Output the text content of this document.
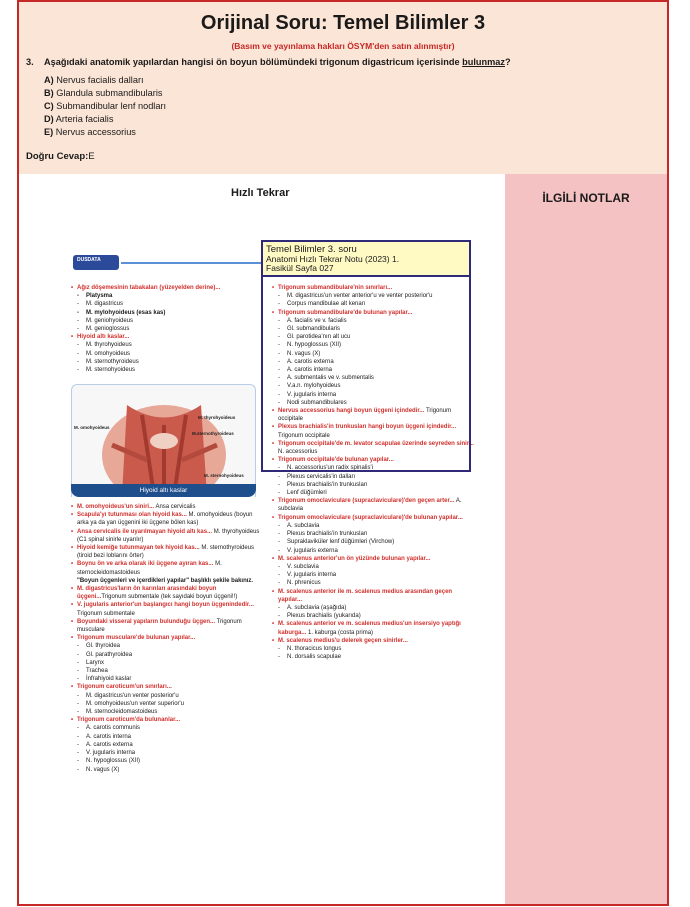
Orijinal Soru: Temel Bilimler 3
(Basım ve yayınlama hakları ÖSYM'den satın alınmıştır)
3. Aşağıdaki anatomik yapılardan hangisi ön boyun bölümündeki trigonum digastricum içerisinde bulunmaz?
A) Nervus facialis dalları
B) Glandula submandibularis
C) Submandibular lenf nodları
D) Arteria facialis
E) Nervus accessorius
Doğru Cevap:E
Hızlı Tekrar	İLGİLİ NOTLAR
DUSDATA
• Ağız döşemesinin tabakaları (yüzeyelden derine)...
- Platysma
- M. digastricus
- M. mylohyoideus (esas kas)
- M. geniohyoideus
- M. genioglossus
• Hiyoid altı kaslar...
- M. thyrohyoideus
- M. omohyoideus
- M. sternothyroideus
- M. sternohyoideus
M. omohyoideus
M. thyrohyoideus
M.sternothyroideus
M. sternohyoideus
Hiyoid altı kaslar
• M. omohyoideus'un siniri... Ansa cervicalis
• Scapula'yı tutunması olan hiyoid kas... M. omohyoideus (boyun arka ya da yan üçgenini iki üçgene bölen kas)
• Ansa cervicalis ile uyarılmayan hiyoid altı kas... M. thyrohyoideus (C1 spinal sinirle uyarılır)
• Hiyoid kemiğe tutunmayan tek hiyoid kas... M. sternothyroideus (tiroid bezi loblarını örter)
• Boynu ön ve arka olarak iki üçgene ayıran kas... M. sternocleidomastoideus
"Boyun üçgenleri ve içerdikleri yapılar" başlıklı şekile bakınız.
• M. digastricus'ların ön karınları arasındaki boyun üçgeni...Trigonum submentale (tek sayıdaki boyun üçgeni!!)
• V. jugularis anterior'un başlangıcı hangi boyun üçgenindedir... Trigonum submentale
• Boyundaki visseral yapıların bulunduğu üçgen... Trigonum musculare
• Trigonum musculare'de bulunan yapılar...
- Gl. thyroidea
- Gl. parathyroidea
- Larynx
- Trachea
- İnfrahiyoid kaslar
• Trigonum caroticum'un sınırları...
- M. digastricus'un venter posterior'u
- M. omohyoideus'un venter superior'u
- M. sternocleidomastoideus
• Trigonum caroticum'da bulunanlar...
- A. carotis communis
- A. carotis interna
- A. carotis externa
- V. jugularis interna
- N. hypoglossus (XII)
- N. vagus (X)
• Trigonum submandibulare'nin sınırları...
- M. digastricus'un venter anterior'u ve venter posterior'u
- Corpus mandibulae alt kenarı
• Trigonum submandibulare'de bulunan yapılar...
- A. facialis ve v. facialis
- Gl. submandibularis
- Gl. parotideaʼnın alt ucu
- N. hypoglossus (XII)
- N. vagus (X)
- A. carotis externa
- A. carotis interna
- A. submentalis ve v. submentalis
- V.a.n. mylohyoideus
- V. jugularis interna
- Nodi submandibulares
• Nervus accessorius hangi boyun üçgeni içindedir... Trigonum occipitale
• Plexus brachialis'in trunkusları hangi boyun üçgeni içindedir... Trigonum occipitale
• Trigonum occipitale'de m. levator scapulae üzerinde seyreden sinir... N. accessorius
• Trigonum occipitale'de bulunan yapılar...
- N. accessorius'un radix spinalis'i
- Plexus cervicalis'in dalları
- Plexus brachialis'in trunkusları
- Lenf düğümleri
• Trigonum omoclaviculare (supraclaviculare)'den geçen arter... A. subclavia
• Trigonum omoclaviculare (supraclaviculare)'de bulunan yapılar...
- A. subclavia
- Plexus brachialis'in trunkusları
- Supraklaviküler lenf düğümleri (Virchow)
- V. jugularis externa
• M. scalenus anterior'un ön yüzünde bulunan yapılar...
- V. subclavia
- V. jugularis interna
- N. phrenicus
• M. scalenus anterior ile m. scalenus medius arasından geçen yapılar...
- A. subclavia (aşağıda)
- Plexus brachialis (yukarıda)
• M. scalenus anterior ve m. scalenus medius'un insersiyo yaptığı kaburga... 1. kaburga (costa prima)
• M. scalenus medius'u delerek geçen sinirler...
- N. thoracicus longus
- N. dorsalis scapulae
Temel Bilimler 3. soru
Anatomi Hızlı Tekrar Notu (2023) 1.
Fasikül Sayfa 027
